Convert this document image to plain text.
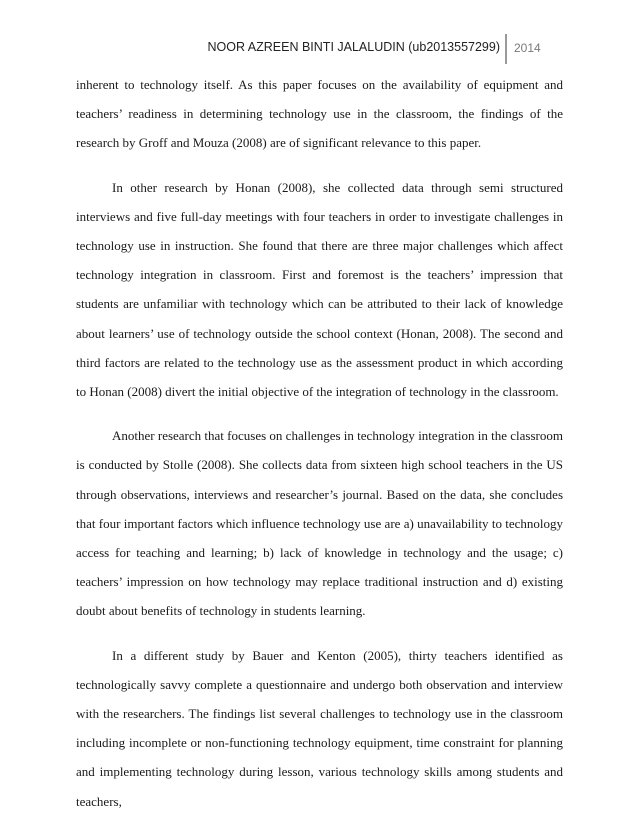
NOOR AZREEN BINTI JALALUDIN (ub2013557299) 2014

inherent to technology itself. As this paper focuses on the availability of equipment and teachers’ readiness in determining technology use in the classroom, the findings of the research by Groff and Mouza (2008) are of significant relevance to this paper.

In other research by Honan (2008), she collected data through semi structured interviews and five full-day meetings with four teachers in order to investigate challenges in technology use in instruction. She found that there are three major challenges which affect technology integration in classroom. First and foremost is the teachers’ impression that students are unfamiliar with technology which can be attributed to their lack of knowledge about learners’ use of technology outside the school context (Honan, 2008). The second and third factors are related to the technology use as the assessment product in which according to Honan (2008) divert the initial objective of the integration of technology in the classroom.

Another research that focuses on challenges in technology integration in the classroom is conducted by Stolle (2008). She collects data from sixteen high school teachers in the US through observations, interviews and researcher’s journal. Based on the data, she concludes that four important factors which influence technology use are a) unavailability to technology access for teaching and learning; b) lack of knowledge in technology and the usage; c) teachers’ impression on how technology may replace traditional instruction and d) existing doubt about benefits of technology in students learning.

In a different study by Bauer and Kenton (2005), thirty teachers identified as technologically savvy complete a questionnaire and undergo both observation and interview with the researchers. The findings list several challenges to technology use in the classroom including incomplete or non-functioning technology equipment, time constraint for planning and implementing technology during lesson, various technology skills among students and teachers,
